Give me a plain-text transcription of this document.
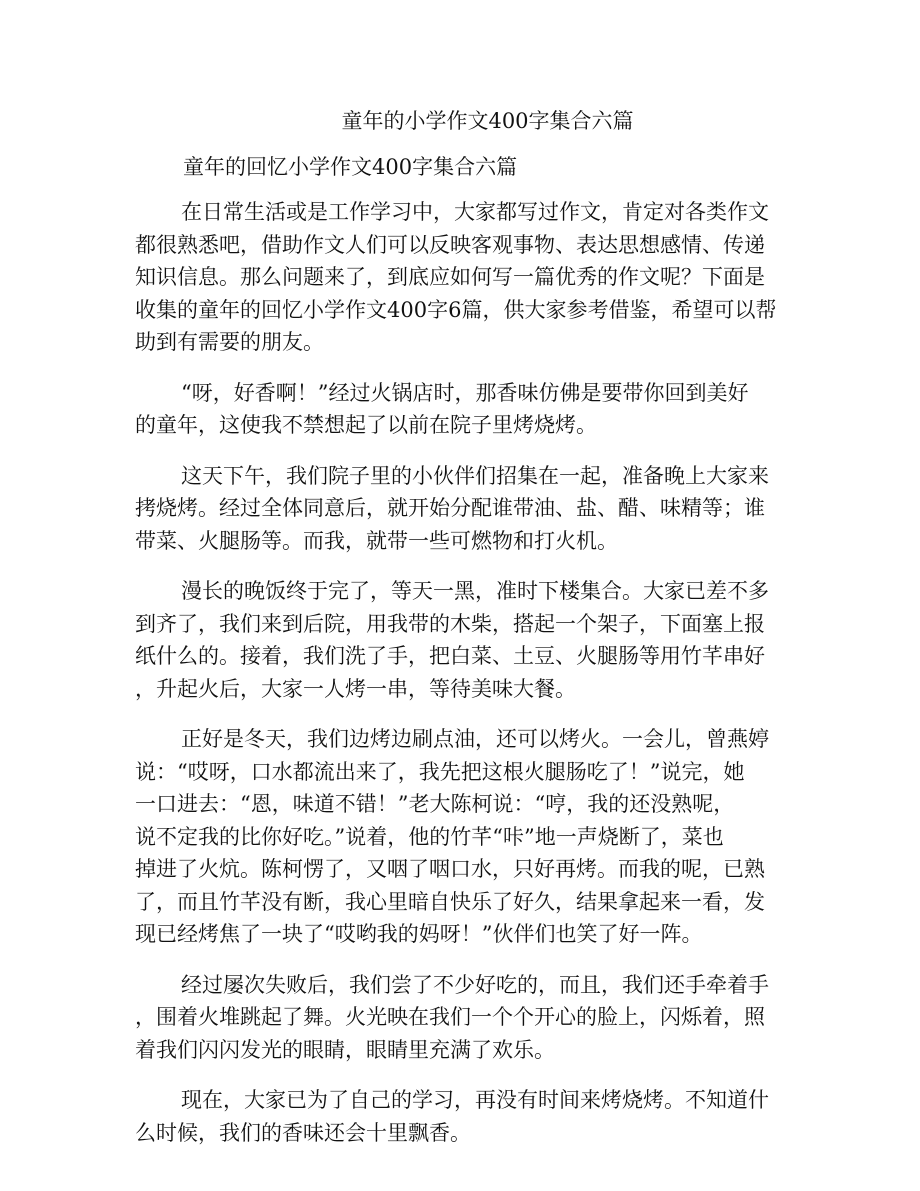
童年的小学作文400字集合六篇
童年的回忆小学作文400字集合六篇

在日常生活或是工作学习中，大家都写过作文，肯定对各类作文
都很熟悉吧，借助作文人们可以反映客观事物、表达思想感情、传递
知识信息。那么问题来了，到底应如何写一篇优秀的作文呢？下面是
收集的童年的回忆小学作文400字6篇，供大家参考借鉴，希望可以帮
助到有需要的朋友。

“呀，好香啊！”经过火锅店时，那香味仿佛是要带你回到美好
的童年，这使我不禁想起了以前在院子里烤烧烤。

这天下午，我们院子里的小伙伴们招集在一起，准备晚上大家来
拷烧烤。经过全体同意后，就开始分配谁带油、盐、醋、味精等；谁
带菜、火腿肠等。而我，就带一些可燃物和打火机。

漫长的晚饭终于完了，等天一黑，准时下楼集合。大家已差不多
到齐了，我们来到后院，用我带的木柴，搭起一个架子，下面塞上报
纸什么的。接着，我们洗了手，把白菜、土豆、火腿肠等用竹芊串好
，升起火后，大家一人烤一串，等待美味大餐。

正好是冬天，我们边烤边刷点油，还可以烤火。一会儿，曾燕婷
说：“哎呀，口水都流出来了，我先把这根火腿肠吃了！”说完，她
一口进去：“恩，味道不错！”老大陈柯说：“哼，我的还没熟呢，
说不定我的比你好吃。”说着，他的竹芊“咔”地一声烧断了，菜也
掉进了火炕。陈柯愣了，又咽了咽口水，只好再烤。而我的呢，已熟
了，而且竹芊没有断，我心里暗自快乐了好久，结果拿起来一看，发
现已经烤焦了一块了“哎哟我的妈呀！”伙伴们也笑了好一阵。

经过屡次失败后，我们尝了不少好吃的，而且，我们还手牵着手
，围着火堆跳起了舞。火光映在我们一个个开心的脸上，闪烁着，照
着我们闪闪发光的眼睛，眼睛里充满了欢乐。

现在，大家已为了自己的学习，再没有时间来烤烧烤。不知道什
么时候，我们的香味还会十里飘香。
